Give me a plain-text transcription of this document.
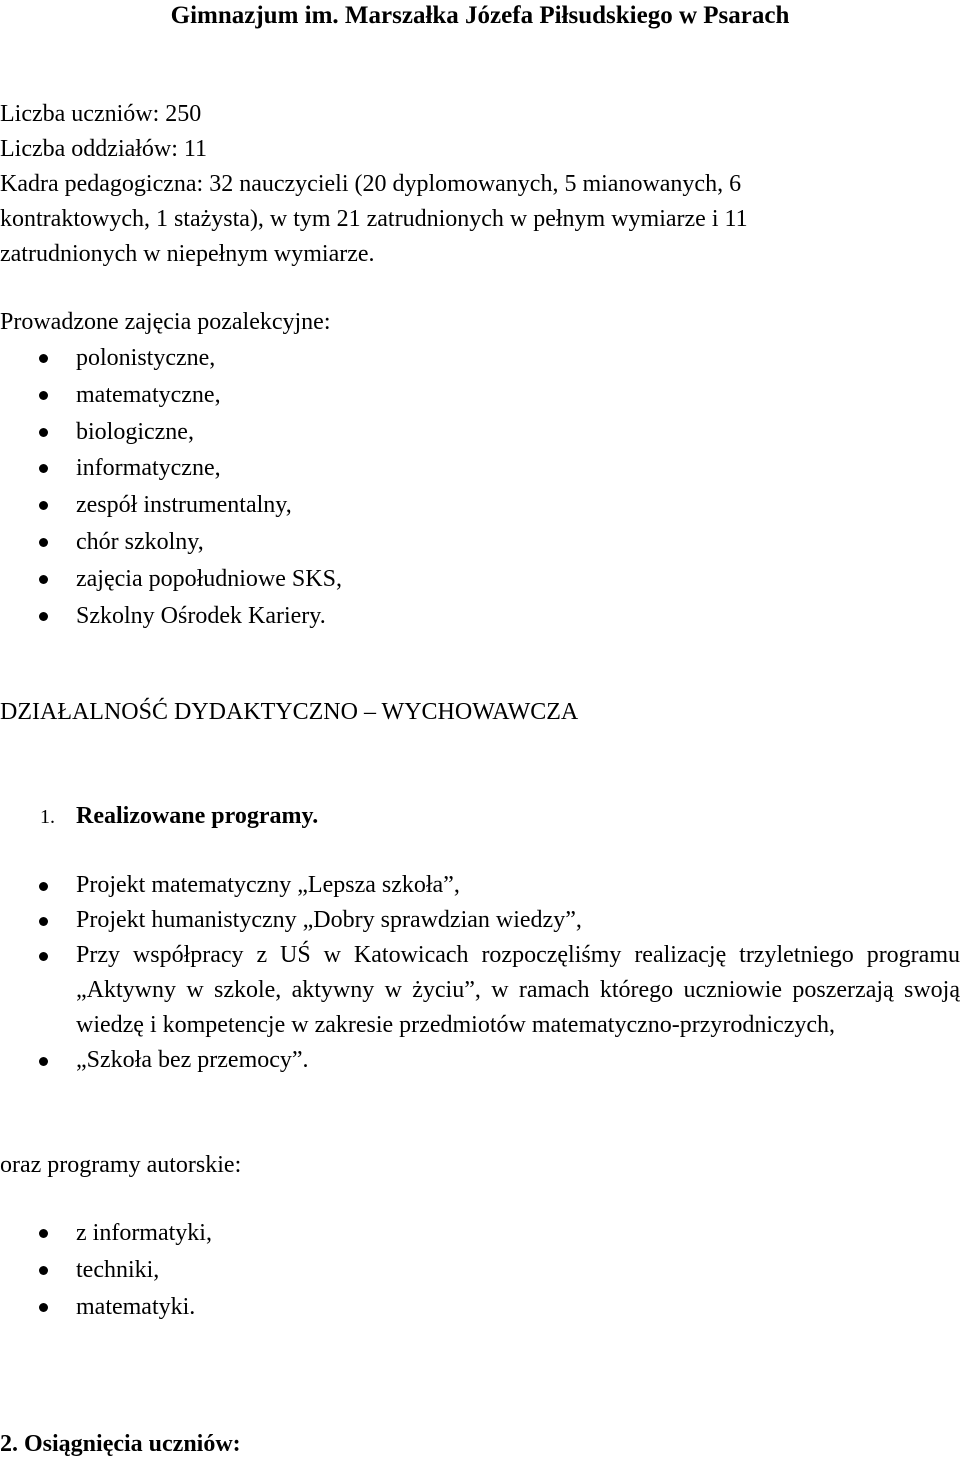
Gimnazjum im. Marszałka Józefa Piłsudskiego w Psarach
Liczba uczniów: 250
Liczba oddziałów: 11
Kadra pedagogiczna: 32 nauczycieli (20 dyplomowanych, 5 mianowanych, 6
kontraktowych, 1 stażysta), w tym 21 zatrudnionych w pełnym wymiarze i 11
zatrudnionych w niepełnym wymiarze.
Prowadzone zajęcia pozalekcyjne:
polonistyczne,
matematyczne,
biologiczne,
informatyczne,
zespół instrumentalny,
chór szkolny,
zajęcia popołudniowe SKS,
Szkolny Ośrodek Kariery.
DZIAŁALNOŚĆ DYDAKTYCZNO – WYCHOWAWCZA
1. Realizowane programy.
Projekt matematyczny „Lepsza szkoła”,
Projekt humanistyczny „Dobry sprawdzian wiedzy”,
Przy współpracy z UŚ w Katowicach rozpoczęliśmy realizację trzyletniego programu „Aktywny w szkole, aktywny w życiu”, w ramach którego uczniowie poszerzają swoją wiedzę i kompetencje w zakresie przedmiotów matematyczno-przyrodniczych,
„Szkoła bez przemocy”.
oraz programy autorskie:
z informatyki,
techniki,
matematyki.
2. Osiągnięcia uczniów:
